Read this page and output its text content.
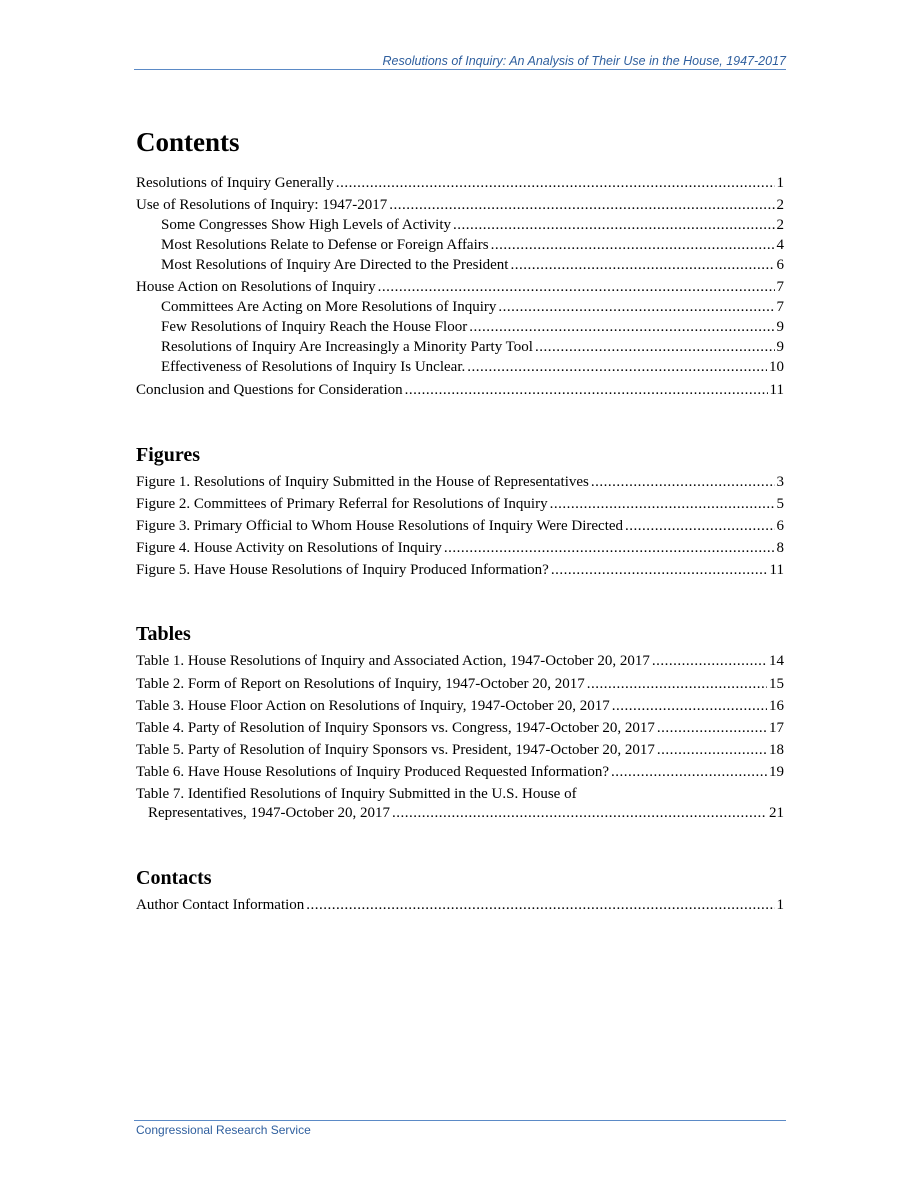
Resolutions of Inquiry: An Analysis of Their Use in the House, 1947-2017
Contents
Resolutions of Inquiry Generally .....	1
Use of Resolutions of Inquiry: 1947-2017 .....	2
Some Congresses Show High Levels of Activity .....	2
Most Resolutions Relate to Defense or Foreign Affairs .....	4
Most Resolutions of Inquiry Are Directed to the President .....	6
House Action on Resolutions of Inquiry .....	7
Committees Are Acting on More Resolutions of Inquiry .....	7
Few Resolutions of Inquiry Reach the House Floor .....	9
Resolutions of Inquiry Are Increasingly a Minority Party Tool .....	9
Effectiveness of Resolutions of Inquiry Is Unclear. .....	10
Conclusion and Questions for Consideration .....	11
Figures
Figure 1. Resolutions of Inquiry Submitted in the House of Representatives .....	3
Figure 2. Committees of Primary Referral for Resolutions of Inquiry .....	5
Figure 3. Primary Official to Whom House Resolutions of Inquiry Were Directed .....	6
Figure 4. House Activity on Resolutions of Inquiry .....	8
Figure 5. Have House Resolutions of Inquiry Produced Information? .....	11
Tables
Table 1. House Resolutions of Inquiry and Associated Action, 1947-October 20, 2017 .....	14
Table 2. Form of Report on Resolutions of Inquiry, 1947-October 20, 2017 .....	15
Table 3. House Floor Action on Resolutions of Inquiry, 1947-October 20, 2017 .....	16
Table 4. Party of Resolution of Inquiry Sponsors vs. Congress, 1947-October 20, 2017 .....	17
Table 5. Party of Resolution of Inquiry Sponsors vs. President, 1947-October 20, 2017 .....	18
Table 6. Have House Resolutions of Inquiry Produced Requested Information? .....	19
Table 7. Identified Resolutions of Inquiry Submitted in the U.S. House of
Representatives, 1947-October 20, 2017 .....	21
Contacts
Author Contact Information .....	1
Congressional Research Service
